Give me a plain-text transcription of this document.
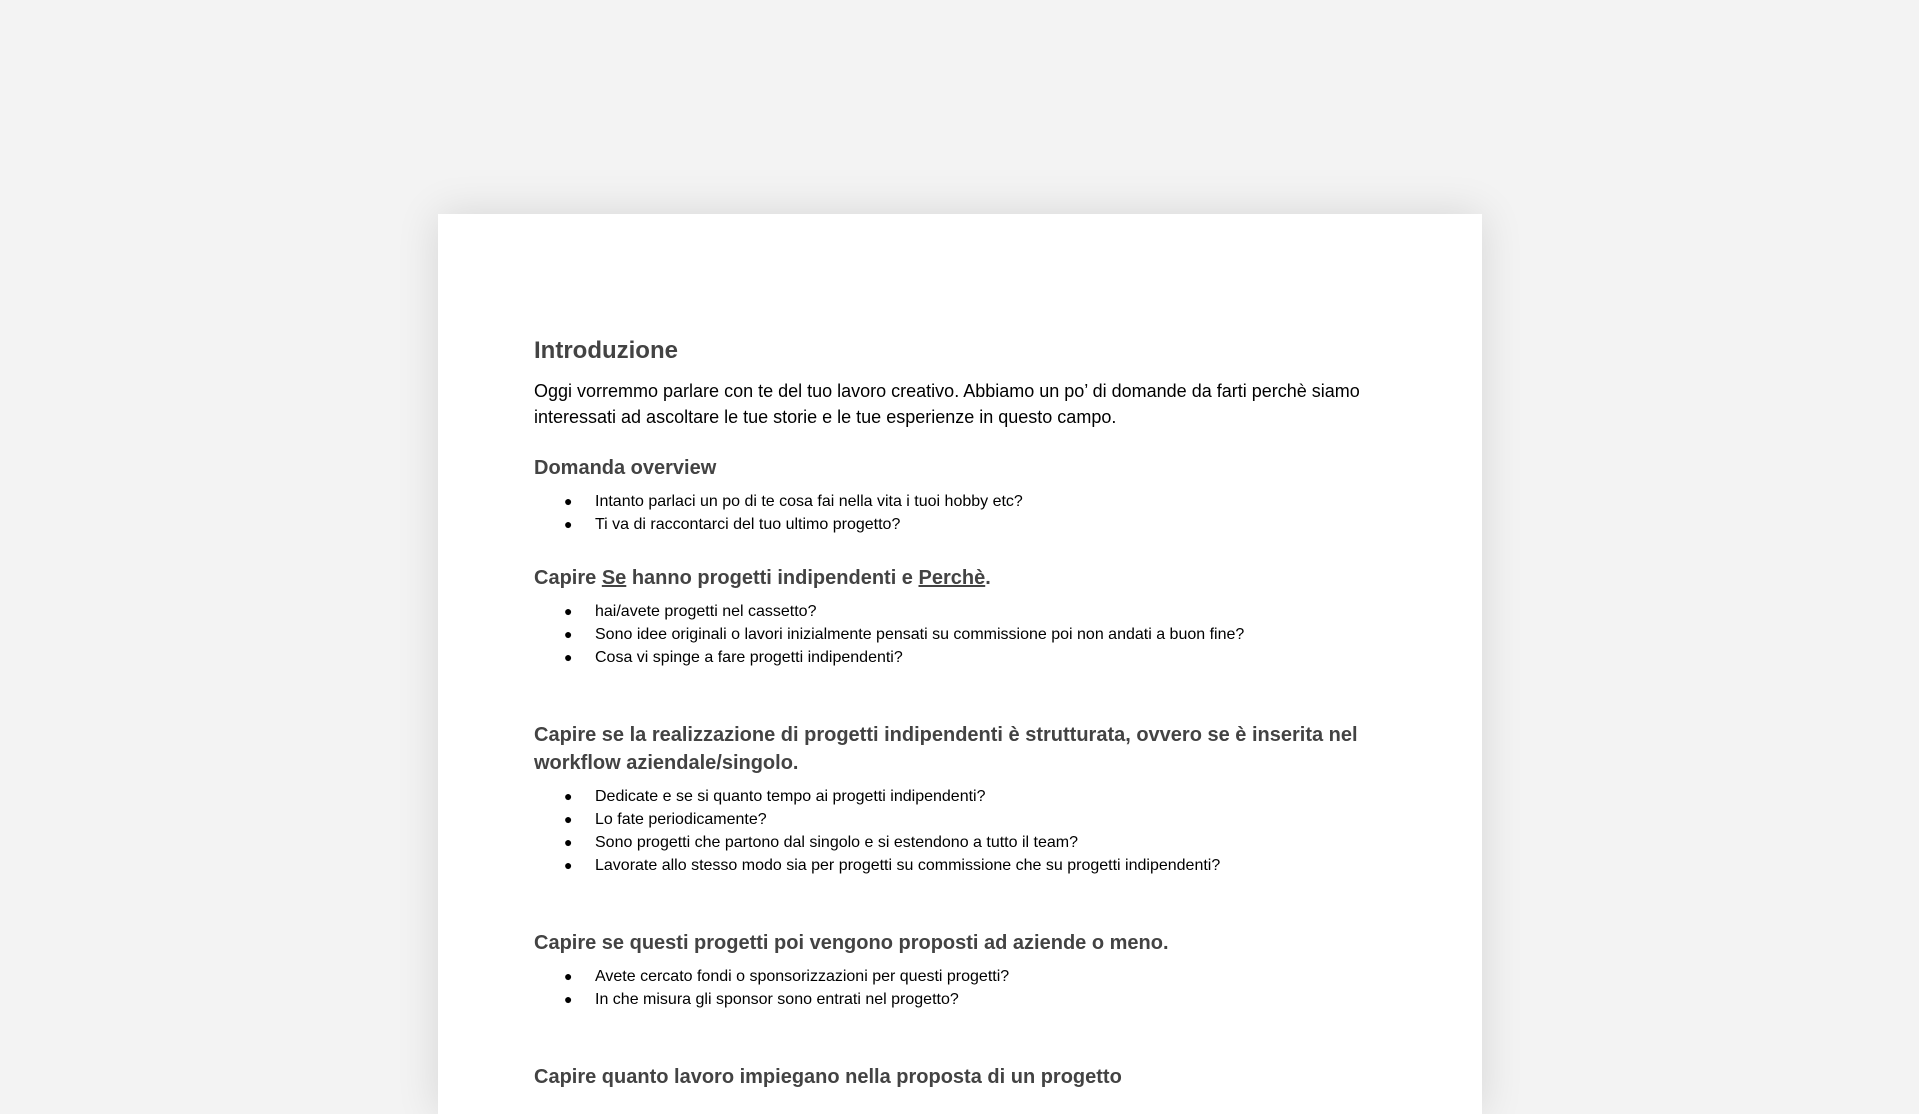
Introduzione

Oggi vorremmo parlare con te del tuo lavoro creativo. Abbiamo un po’ di domande da farti perchè siamo interessati ad ascoltare le tue storie e le tue esperienze in questo campo.

Domanda overview
● Intanto parlaci un po di te cosa fai nella vita i tuoi hobby etc?
● Ti va di raccontarci del tuo ultimo progetto?
Capire Se hanno progetti indipendenti e Perchè.
● hai/avete progetti nel cassetto?
● Sono idee originali o lavori inizialmente pensati su commissione poi non andati a buon fine?
● Cosa vi spinge a fare progetti indipendenti?
Capire se la realizzazione di progetti indipendenti è strutturata, ovvero se è inserita nel workflow aziendale/singolo.
● Dedicate e se si quanto tempo ai progetti indipendenti?
● Lo fate periodicamente?
● Sono progetti che partono dal singolo e si estendono a tutto il team?
● Lavorate allo stesso modo sia per progetti su commissione che su progetti indipendenti?
Capire se questi progetti poi vengono proposti ad aziende o meno.
● Avete cercato fondi o sponsorizzazioni per questi progetti?
● In che misura gli sponsor sono entrati nel progetto?
Capire quanto lavoro impiegano nella proposta di un progetto
